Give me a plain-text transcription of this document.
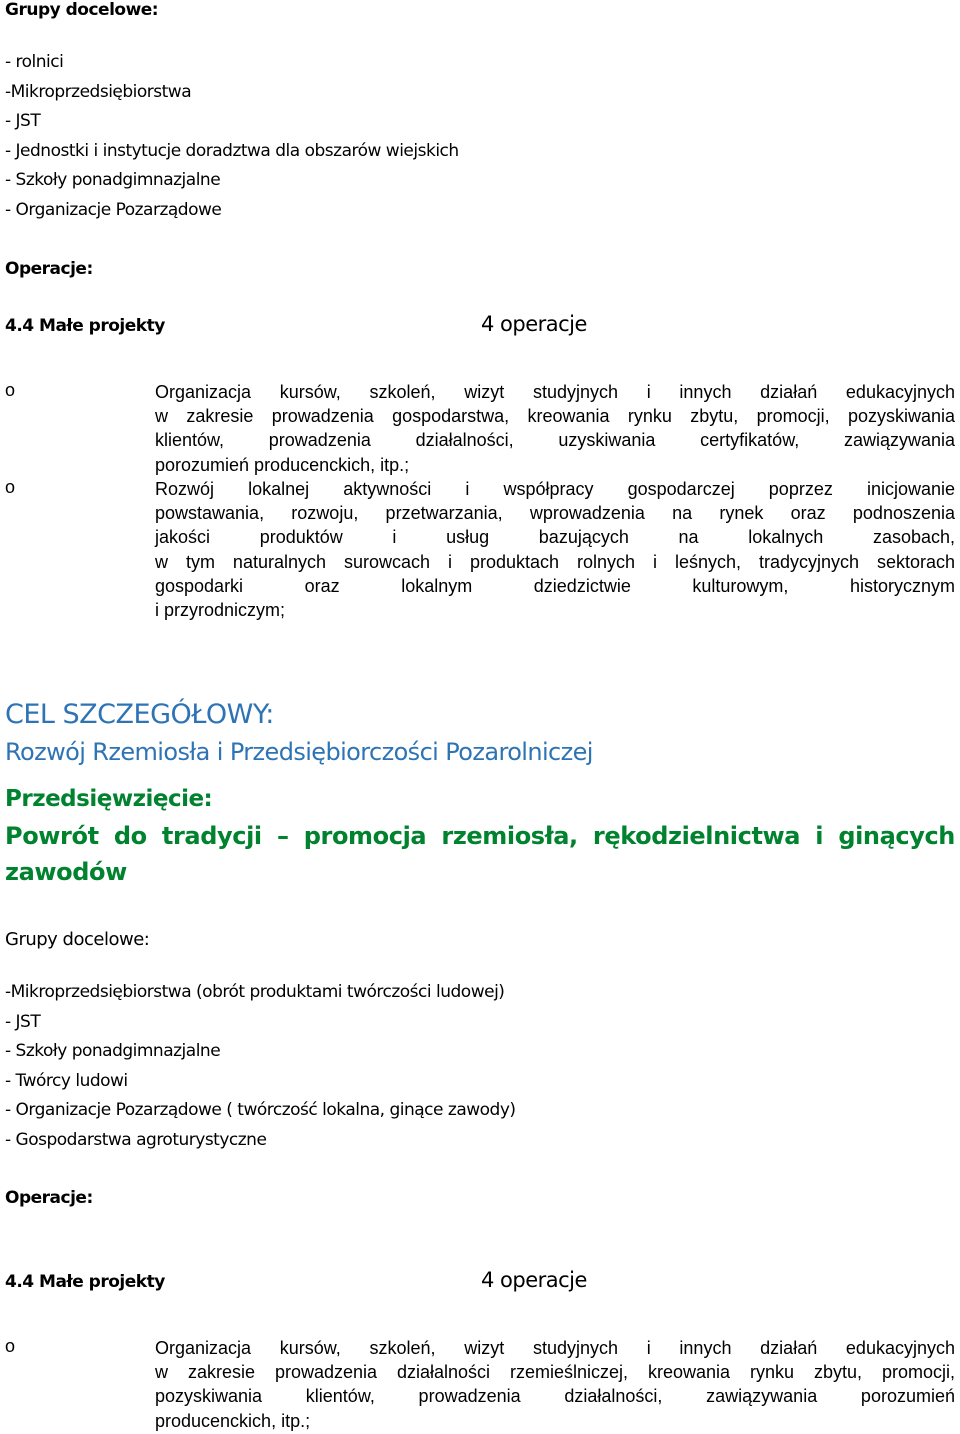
Grupy docelowe:
- rolnici
-Mikroprzedsiębiorstwa
- JST
- Jednostki i instytucje doradztwa dla obszarów wiejskich
- Szkoły ponadgimnazjalne
- Organizacje Pozarządowe
Operacje:
4.4 Małe projekty	4 operacje
o	Organizacja kursów, szkoleń, wizyt studyjnych i innych działań edukacyjnych
w zakresie prowadzenia gospodarstwa, kreowania rynku zbytu, promocji, pozyskiwania
klientów, prowadzenia działalności, uzyskiwania certyfikatów, zawiązywania
porozumień producenckich, itp.;
o	Rozwój lokalnej aktywności i współpracy gospodarczej poprzez inicjowanie
powstawania, rozwoju, przetwarzania, wprowadzenia na rynek oraz podnoszenia
jakości produktów i usług bazujących na lokalnych zasobach,
w tym naturalnych surowcach i produktach rolnych i leśnych, tradycyjnych sektorach
gospodarki oraz lokalnym dziedzictwie kulturowym, historycznym
i przyrodniczym;
CEL SZCZEGÓŁOWY:
Rozwój Rzemiosła i Przedsiębiorczości Pozarolniczej
Przedsięwzięcie:
Powrót do tradycji – promocja rzemiosła, rękodzielnictwa i ginących
zawodów
Grupy docelowe:
-Mikroprzedsiębiorstwa (obrót produktami twórczości ludowej)
- JST
- Szkoły ponadgimnazjalne
- Twórcy ludowi
- Organizacje Pozarządowe ( twórczość lokalna, ginące zawody)
- Gospodarstwa agroturystyczne
Operacje:
4.4 Małe projekty	4 operacje
o	Organizacja kursów, szkoleń, wizyt studyjnych i innych działań edukacyjnych
w zakresie prowadzenia działalności rzemieślniczej, kreowania rynku zbytu, promocji,
pozyskiwania klientów, prowadzenia działalności, zawiązywania porozumień
producenckich, itp.;
